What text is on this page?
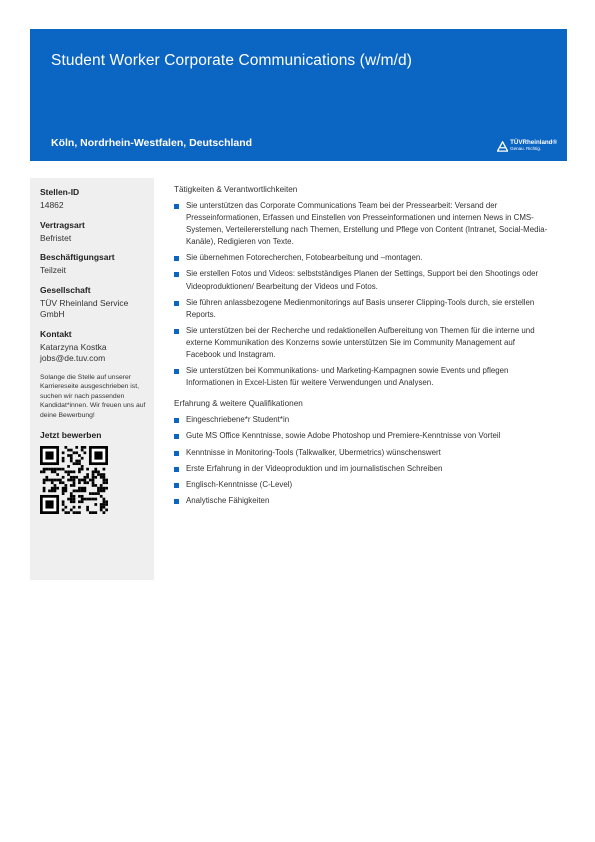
Student Worker Corporate Communications (w/m/d)
Köln, Nordrhein-Westfalen, Deutschland	TÜVRheinland®
Genau. Richtig.
Stellen-ID
14862
Vertragsart
Befristet
Beschäftigungsart
Teilzeit
Gesellschaft
TÜV Rheinland Service GmbH
Kontakt
Katarzyna Kostka
jobs@de.tuv.com
Solange die Stelle auf unserer Karriereseite ausgeschrieben ist, suchen wir nach passenden Kandidat*innen. Wir freuen uns auf deine Bewerbung!
Jetzt bewerben
Tätigkeiten & Verantwortlichkeiten
Sie unterstützen das Corporate Communications Team bei der Pressearbeit: Versand der Presseinformationen, Erfassen und Einstellen von Presseinformationen und internen News in CMS-Systemen, Verteilererstellung nach Themen, Erstellung und Pflege von Content (Intranet, Social-Media-Kanäle), Redigieren von Texte.
Sie übernehmen Fotorecherchen, Fotobearbeitung und –montagen.
Sie erstellen Fotos und Videos: selbstständiges Planen der Settings, Support bei den Shootings oder Videoproduktionen/ Bearbeitung der Videos und Fotos.
Sie führen anlassbezogene Medienmonitorings auf Basis unserer Clipping-Tools durch, sie erstellen Reports.
Sie unterstützen bei der Recherche und redaktionellen Aufbereitung von Themen für die interne und externe Kommunikation des Konzerns sowie unterstützen Sie im Community Management auf Facebook und Instagram.
Sie unterstützen bei Kommunikations- und Marketing-Kampagnen sowie Events und pflegen Informationen in Excel-Listen für weitere Verwendungen und Analysen.
Erfahrung & weitere Qualifikationen
Eingeschriebene*r Student*in
Gute MS Office Kenntnisse, sowie Adobe Photoshop und Premiere-Kenntnisse von Vorteil
Kenntnisse in Monitoring-Tools (Talkwalker, Ubermetrics) wünschenswert
Erste Erfahrung in der Videoproduktion und im journalistischen Schreiben
Englisch-Kenntnisse (C-Level)
Analytische Fähigkeiten
